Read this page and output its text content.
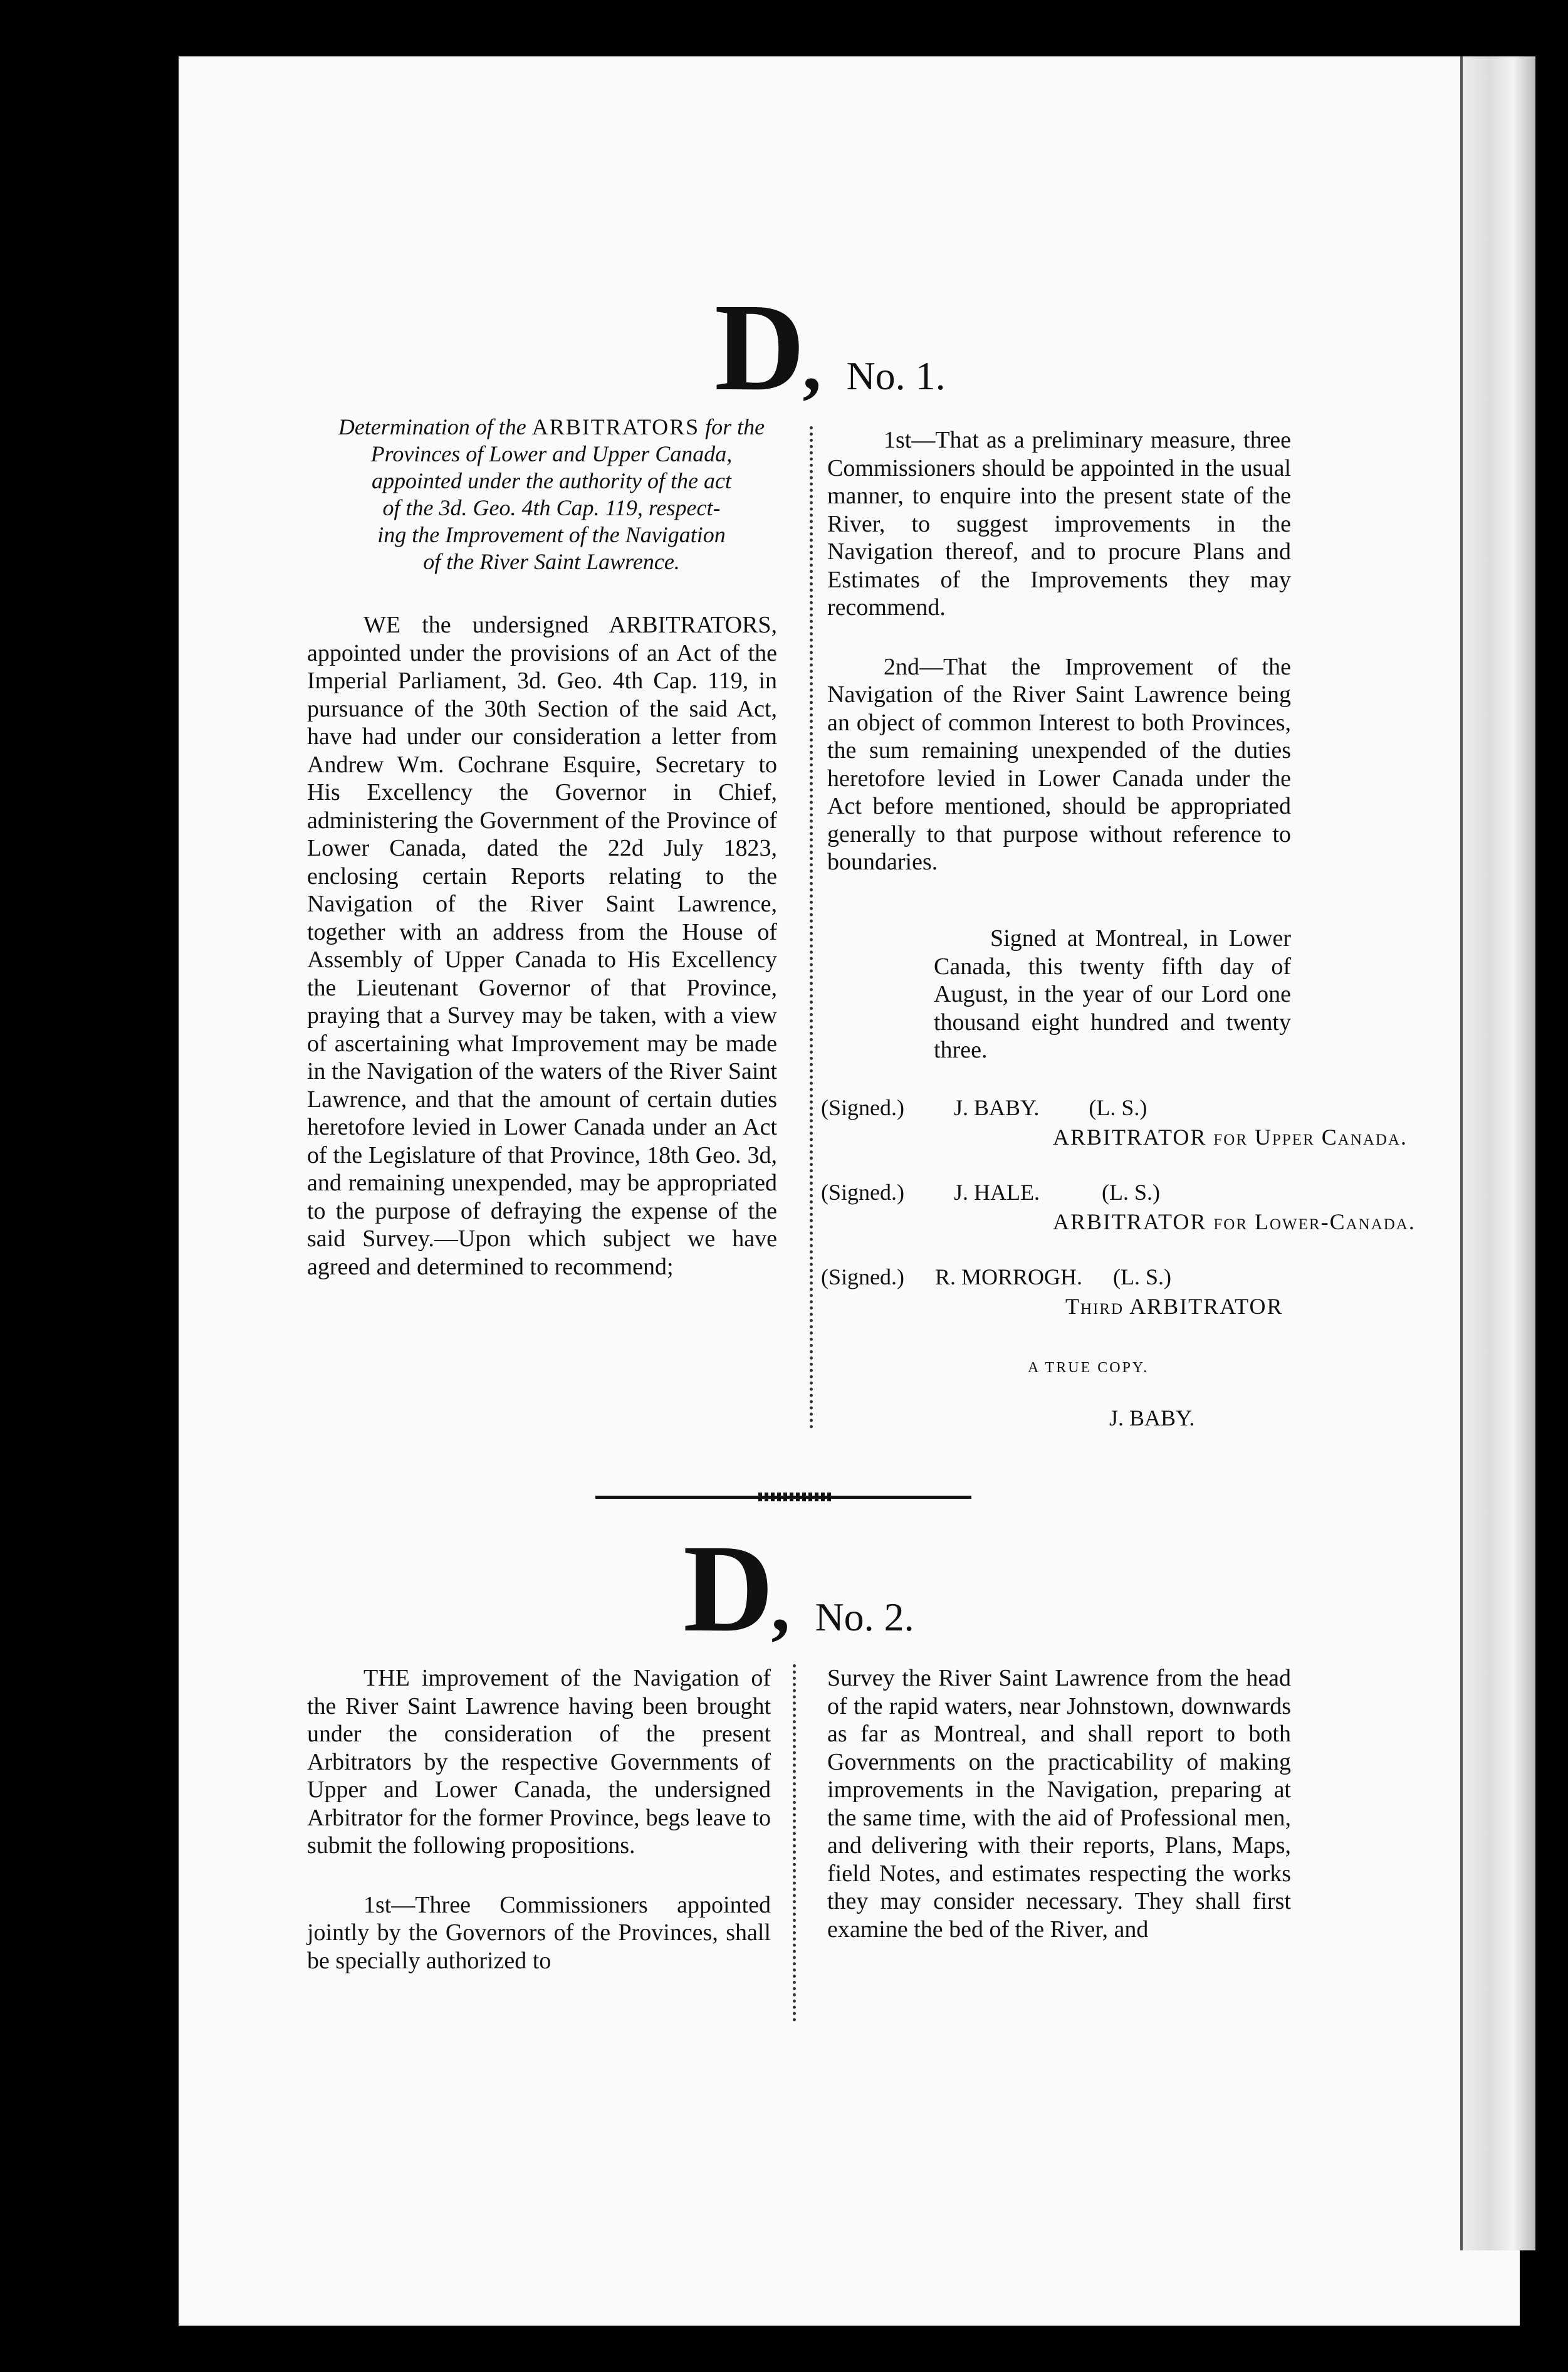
D, No. 1.
Determination of the ARBITRATORS for the
Provinces of Lower and Upper Canada,
appointed under the authority of the act
of the 3d. Geo. 4th Cap. 119, respect-
ing the Improvement of the Navigation
of the River Saint Lawrence.

WE the undersigned ARBITRATORS, appointed under the provisions of an Act of the Imperial Parliament, 3d. Geo. 4th Cap. 119, in pursuance of the 30th Section of the said Act, have had under our consideration a letter from Andrew Wm. Cochrane Esquire, Secretary to His Excellency the Governor in Chief, administering the Government of the Province of Lower Canada, dated the 22d July 1823, enclosing certain Reports relating to the Navigation of the River Saint Lawrence, together with an address from the House of Assembly of Upper Canada to His Excellency the Lieutenant Governor of that Province, praying that a Survey may be taken, with a view of ascertaining what Improvement may be made in the Navigation of the waters of the River Saint Lawrence, and that the amount of certain duties heretofore levied in Lower Canada under an Act of the Legislature of that Province, 18th Geo. 3d, and remaining unexpended, may be appropriated to the purpose of defraying the expense of the said Survey.—Upon which subject we have agreed and determined to recommend;

1st—That as a preliminary measure, three Commissioners should be appointed in the usual manner, to enquire into the present state of the River, to suggest improvements in the Navigation thereof, and to procure Plans and Estimates of the Improvements they may recommend.

2nd—That the Improvement of the Navigation of the River Saint Lawrence being an object of common Interest to both Provinces, the sum remaining unexpended of the duties heretofore levied in Lower Canada under the Act before mentioned, should be appropriated generally to that purpose without reference to boundaries.

Signed at Montreal, in Lower Canada, this twenty fifth day of August, in the year of our Lord one thousand eight hundred and twenty three.

(Signed.) J. BABY. (L. S.)
ARBITRATOR for Upper Canada.
(Signed.) J. HALE.	(L. S.)
ARBITRATOR for Lower-Canada.
(Signed.) R. MORROGH. (L. S.)
Third ARBITRATOR
A TRUE COPY.
J. BABY.
D, No. 2.

THE improvement of the Navigation of the River Saint Lawrence having been brought under the consideration of the present Arbitrators by the respective Governments of Upper and Lower Canada, the undersigned Arbitrator for the former Province, begs leave to submit the following propositions.

1st—Three Commissioners appointed jointly by the Governors of the Provinces, shall be specially authorized to

Survey the River Saint Lawrence from the head of the rapid waters, near Johnstown, downwards as far as Montreal, and shall report to both Governments on the practicability of making improvements in the Navigation, preparing at the same time, with the aid of Professional men, and delivering with their reports, Plans, Maps, field Notes, and estimates respecting the works they may consider necessary. They shall first examine the bed of the River, and
